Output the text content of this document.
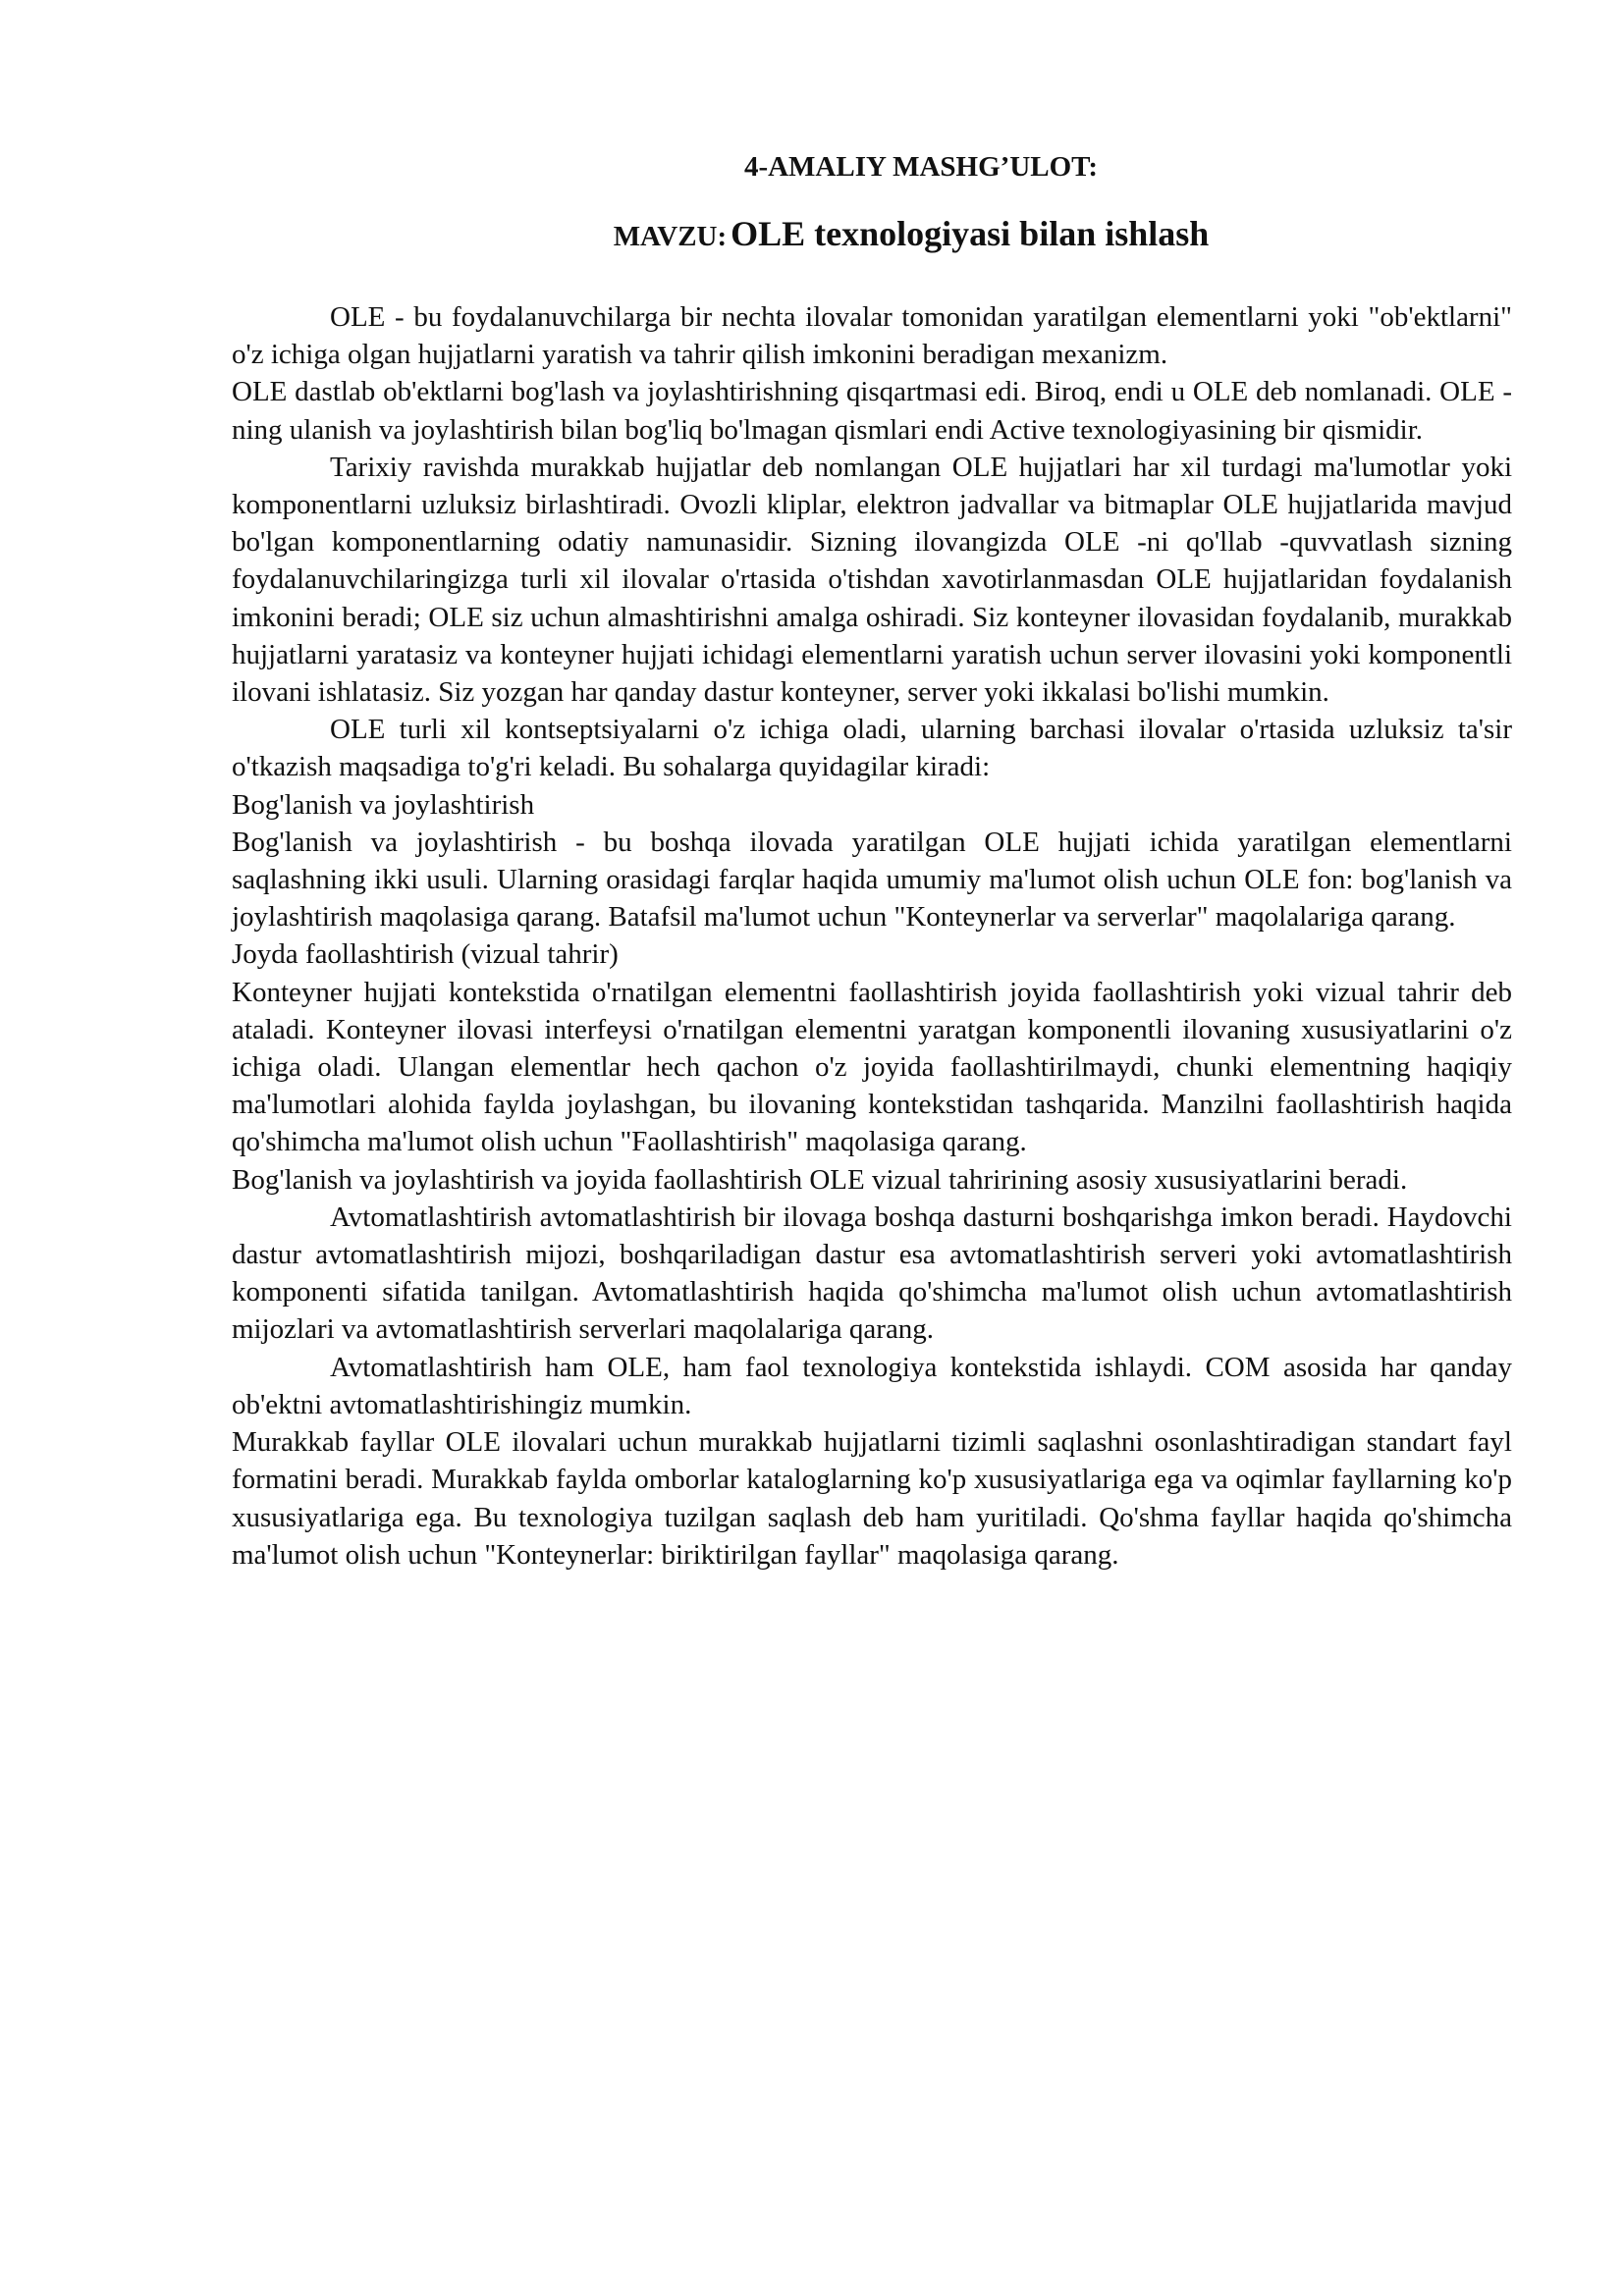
4-AMALIY MASHG’ULOT:
MAVZU: OLE texnologiyasi bilan ishlash

OLE - bu foydalanuvchilarga bir nechta ilovalar tomonidan yaratilgan elementlarni yoki "ob'ektlarni" o'z ichiga olgan hujjatlarni yaratish va tahrir qilish imkonini beradigan mexanizm.

OLE dastlab ob'ektlarni bog'lash va joylashtirishning qisqartmasi edi. Biroq, endi u OLE deb nomlanadi. OLE -ning ulanish va joylashtirish bilan bog'liq bo'lmagan qismlari endi Active texnologiyasining bir qismidir.

Tarixiy ravishda murakkab hujjatlar deb nomlangan OLE hujjatlari har xil turdagi ma'lumotlar yoki komponentlarni uzluksiz birlashtiradi. Ovozli kliplar, elektron jadvallar va bitmaplar OLE hujjatlarida mavjud bo'lgan komponentlarning odatiy namunasidir. Sizning ilovangizda OLE -ni qo'llab -quvvatlash sizning foydalanuvchilaringizga turli xil ilovalar o'rtasida o'tishdan xavotirlanmasdan OLE hujjatlaridan foydalanish imkonini beradi; OLE siz uchun almashtirishni amalga oshiradi. Siz konteyner ilovasidan foydalanib, murakkab hujjatlarni yaratasiz va konteyner hujjati ichidagi elementlarni yaratish uchun server ilovasini yoki komponentli ilovani ishlatasiz. Siz yozgan har qanday dastur konteyner, server yoki ikkalasi bo'lishi mumkin.

OLE turli xil kontseptsiyalarni o'z ichiga oladi, ularning barchasi ilovalar o'rtasida uzluksiz ta'sir o'tkazish maqsadiga to'g'ri keladi. Bu sohalarga quyidagilar kiradi:

Bog'lanish va joylashtirish

Bog'lanish va joylashtirish - bu boshqa ilovada yaratilgan OLE hujjati ichida yaratilgan elementlarni saqlashning ikki usuli. Ularning orasidagi farqlar haqida umumiy ma'lumot olish uchun OLE fon: bog'lanish va joylashtirish maqolasiga qarang. Batafsil ma'lumot uchun "Konteynerlar va serverlar" maqolalariga qarang.

Joyda faollashtirish (vizual tahrir)

Konteyner hujjati kontekstida o'rnatilgan elementni faollashtirish joyida faollashtirish yoki vizual tahrir deb ataladi. Konteyner ilovasi interfeysi o'rnatilgan elementni yaratgan komponentli ilovaning xususiyatlarini o'z ichiga oladi. Ulangan elementlar hech qachon o'z joyida faollashtirilmaydi, chunki elementning haqiqiy ma'lumotlari alohida faylda joylashgan, bu ilovaning kontekstidan tashqarida. Manzilni faollashtirish haqida qo'shimcha ma'lumot olish uchun "Faollashtirish" maqolasiga qarang.

Bog'lanish va joylashtirish va joyida faollashtirish OLE vizual tahririning asosiy xususiyatlarini beradi.

Avtomatlashtirish avtomatlashtirish bir ilovaga boshqa dasturni boshqarishga imkon beradi. Haydovchi dastur avtomatlashtirish mijozi, boshqariladigan dastur esa avtomatlashtirish serveri yoki avtomatlashtirish komponenti sifatida tanilgan. Avtomatlashtirish haqida qo'shimcha ma'lumot olish uchun avtomatlashtirish mijozlari va avtomatlashtirish serverlari maqolalariga qarang.

Avtomatlashtirish ham OLE, ham faol texnologiya kontekstida ishlaydi. COM asosida har qanday ob'ektni avtomatlashtirishingiz mumkin.

Murakkab fayllar OLE ilovalari uchun murakkab hujjatlarni tizimli saqlashni osonlashtiradigan standart fayl formatini beradi. Murakkab faylda omborlar kataloglarning ko'p xususiyatlariga ega va oqimlar fayllarning ko'p xususiyatlariga ega. Bu texnologiya tuzilgan saqlash deb ham yuritiladi. Qo'shma fayllar haqida qo'shimcha ma'lumot olish uchun "Konteynerlar: biriktirilgan fayllar" maqolasiga qarang.
